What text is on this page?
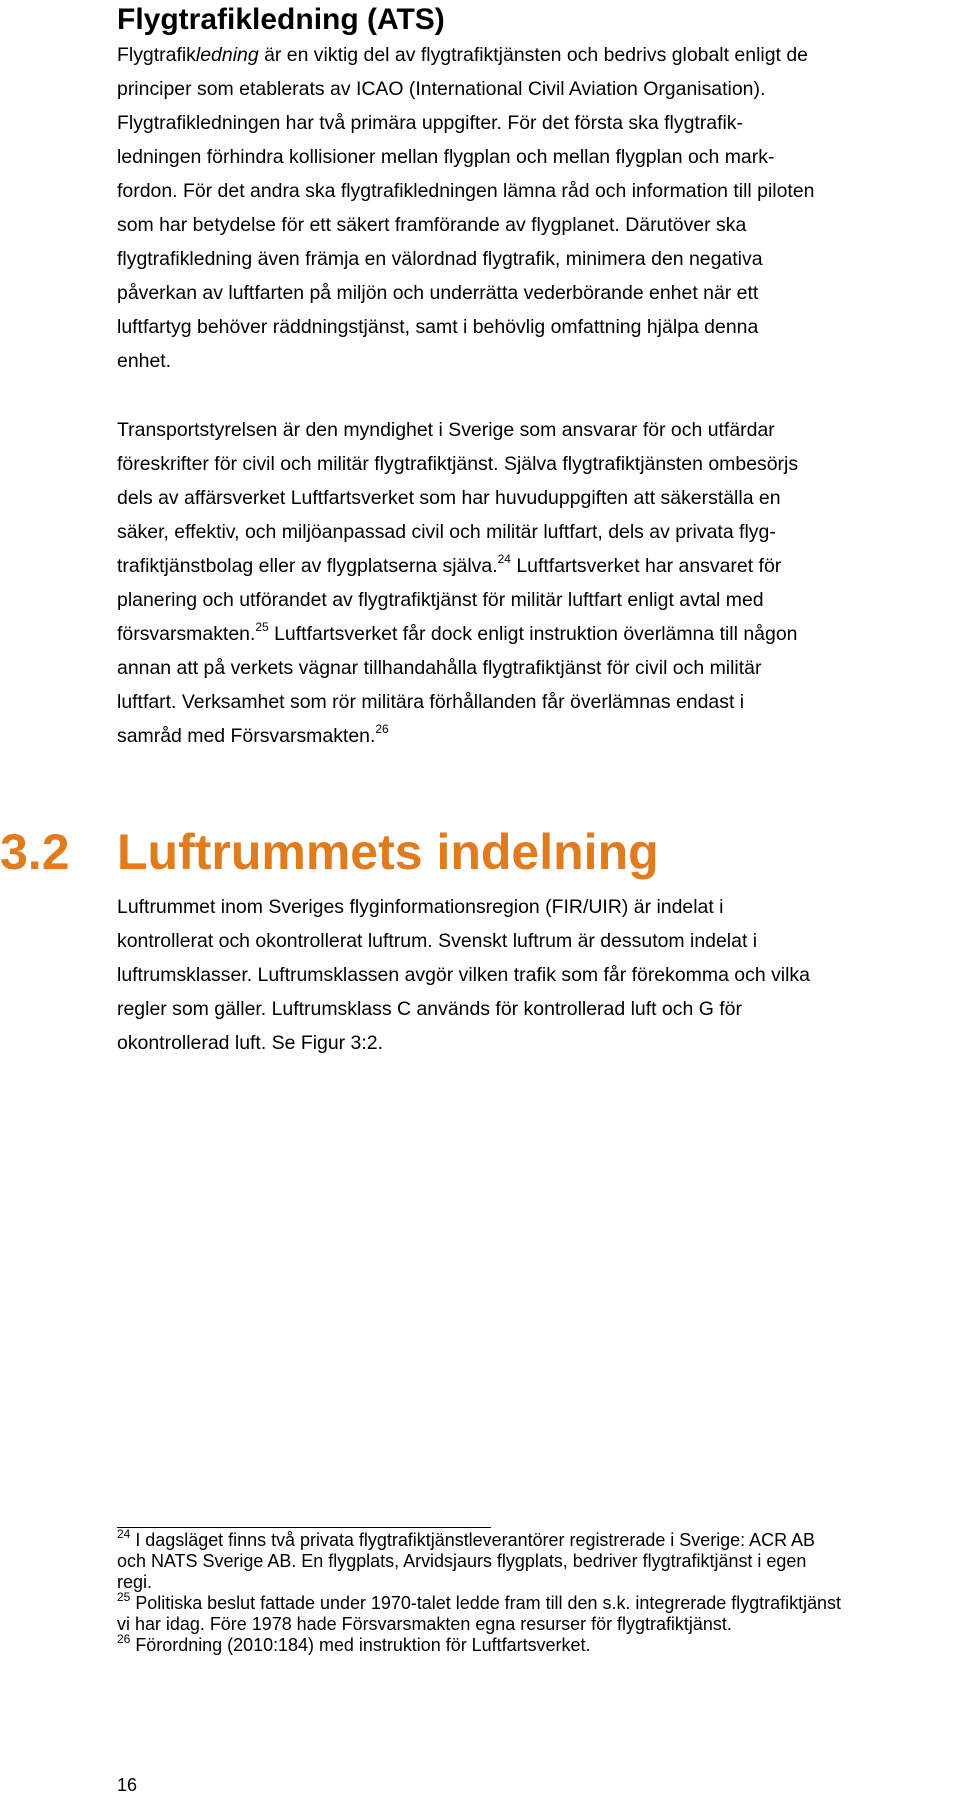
Flygtrafikledning (ATS)

Flygtrafikledning är en viktig del av flygtrafiktjänsten och bedrivs globalt enligt de
principer som etablerats av ICAO (International Civil Aviation Organisation).
Flygtrafikledningen har två primära uppgifter. För det första ska flygtrafik-
ledningen förhindra kollisioner mellan flygplan och mellan flygplan och mark-
fordon. För det andra ska flygtrafikledningen lämna råd och information till piloten
som har betydelse för ett säkert framförande av flygplanet. Därutöver ska
flygtrafikledning även främja en välordnad flygtrafik, minimera den negativa
påverkan av luftfarten på miljön och underrätta vederbörande enhet när ett
luftfartyg behöver räddningstjänst, samt i behövlig omfattning hjälpa denna
enhet.

Transportstyrelsen är den myndighet i Sverige som ansvarar för och utfärdar
föreskrifter för civil och militär flygtrafiktjänst. Själva flygtrafiktjänsten ombesörjs
dels av affärsverket Luftfartsverket som har huvuduppgiften att säkerställa en
säker, effektiv, och miljöanpassad civil och militär luftfart, dels av privata flyg-
trafiktjänstbolag eller av flygplatserna själva.$^{24}$ Luftfartsverket har ansvaret för
planering och utförandet av flygtrafiktjänst för militär luftfart enligt avtal med
försvarsmakten.$^{25}$ Luftfartsverket får dock enligt instruktion överlämna till någon
annan att på verkets vägnar tillhandahålla flygtrafiktjänst för civil och militär
luftfart. Verksamhet som rör militära förhållanden får överlämnas endast i
samråd med Försvarsmakten.$^{26}$

3.2 Luftrummets indelning

Luftrummet inom Sveriges flyginformationsregion (FIR/UIR) är indelat i
kontrollerat och okontrollerat luftrum. Svenskt luftrum är dessutom indelat i
luftrumsklasser. Luftrumsklassen avgör vilken trafik som får förekomma och vilka
regler som gäller. Luftrumsklass C används för kontrollerad luft och G för
okontrollerad luft. Se Figur 3:2.

$^{24}$ I dagsläget finns två privata flygtrafiktjänstleverantörer registrerade i Sverige: ACR AB
och NATS Sverige AB. En flygplats, Arvidsjaurs flygplats, bedriver flygtrafiktjänst i egen
regi.
$^{25}$ Politiska beslut fattade under 1970-talet ledde fram till den s.k. integrerade flygtrafiktjänst
vi har idag. Före 1978 hade Försvarsmakten egna resurser för flygtrafiktjänst.
$^{26}$ Förordning (2010:184) med instruktion för Luftfartsverket.
16
